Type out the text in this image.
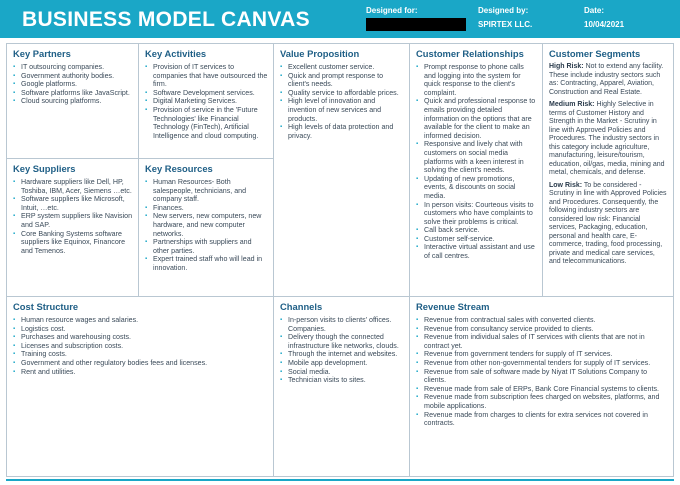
BUSINESS MODEL CANVAS	Designed for:	Designed by:
SPIRTEX LLC.
Date:
10/04/2021
Key Partners
▪ IT outsourcing companies.
▪ Government authority bodies.
▪ Google platforms.
▪ Software platforms like JavaScript.
▪ Cloud sourcing platforms.
Key Suppliers
▪ Hardware suppliers like Dell, HP, Toshiba, IBM, Acer, Siemens …etc.
▪ Software suppliers like Microsoft, Intuit, …etc.
▪ ERP system suppliers like Navision and SAP.
▪ Core Banking Systems software suppliers like Equinox, Financore and Temenos.
Key Activities
▪ Provision of IT services to companies that have outsourced the firm.
▪ Software Development services.
▪ Digital Marketing Services.
▪ Provision of service in the 'Future Technologies' like Financial Technology (FinTech), Artificial Intelligence and cloud computing.
Key Resources
▪ Human Resources- Both salespeople, technicians, and company staff.
▪ Finances.
▪ New servers, new computers, new hardware, and new computer networks.
▪ Partnerships with suppliers and other parties.
▪ Expert trained staff who will lead in innovation.
Value Proposition
▪ Excellent customer service.
▪ Quick and prompt response to client's needs.
▪ Quality service to affordable prices.
▪ High level of innovation and invention of new services and products.
▪ High levels of data protection and privacy.
Customer Relationships
▪ Prompt response to phone calls and logging into the system for quick response to the client's complaint.
▪ Quick and professional response to emails providing detailed information on the options that are available for the client to make an informed decision.
▪ Responsive and lively chat with customers on social media platforms with a keen interest in solving the client's needs.
▪ Updating of new promotions, events, & discounts on social media.
▪ In person visits: Courteous visits to customers who have complaints to solve their problems is critical.
▪ Call back service.
▪ Customer self-service.
▪ Interactive virtual assistant and use of call centres.
Customer Segments

High Risk: Not to extend any facility. These include industry sectors such as: Contracting, Apparel, Aviation, Construction and Real Estate.

Medium Risk: Highly Selective in terms of Customer History and Strength in the Market - Scrutiny in line with Approved Policies and Procedures. The industry sectors in this category include agriculture, manufacturing, leisure/tourism, education, oil/gas, media, mining and metal, chemicals, and defense.

Low Risk: To be considered - Scrutiny in line with Approved Policies and Procedures. Consequently, the following industry sectors are considered low risk: Financial services, Packaging, education, personal and health care, E-commerce, trading, food processing, private and medical care services, and telecommunications.

Cost Structure
▪ Human resource wages and salaries.
▪ Logistics cost.
▪ Purchases and warehousing costs.
▪ Licenses and subscription costs.
▪ Training costs.
▪ Government and other regulatory bodies fees and licenses.
▪ Rent and utilities.
Channels
▪ In-person visits to clients' offices. Companies.
▪ Delivery though the connected infrastructure like networks, clouds.
▪ Through the internet and websites.
▪ Mobile app development.
▪ Social media.
▪ Technician visits to sites.
Revenue Stream
▪ Revenue from contractual sales with converted clients.
▪ Revenue from consultancy service provided to clients.
▪ Revenue from individual sales of IT services with clients that are not in contract yet.
▪ Revenue from government tenders for supply of IT services.
▪ Revenue from other non-governmental tenders for supply of IT services.
▪ Revenue from sale of software made by Niyat IT Solutions Company to clients.
▪ Revenue made from sale of ERPs, Bank Core Financial systems to clients.
▪ Revenue made from subscription fees charged on websites, platforms, and mobile applications.
▪ Revenue made from charges to clients for extra services not covered in contracts.
